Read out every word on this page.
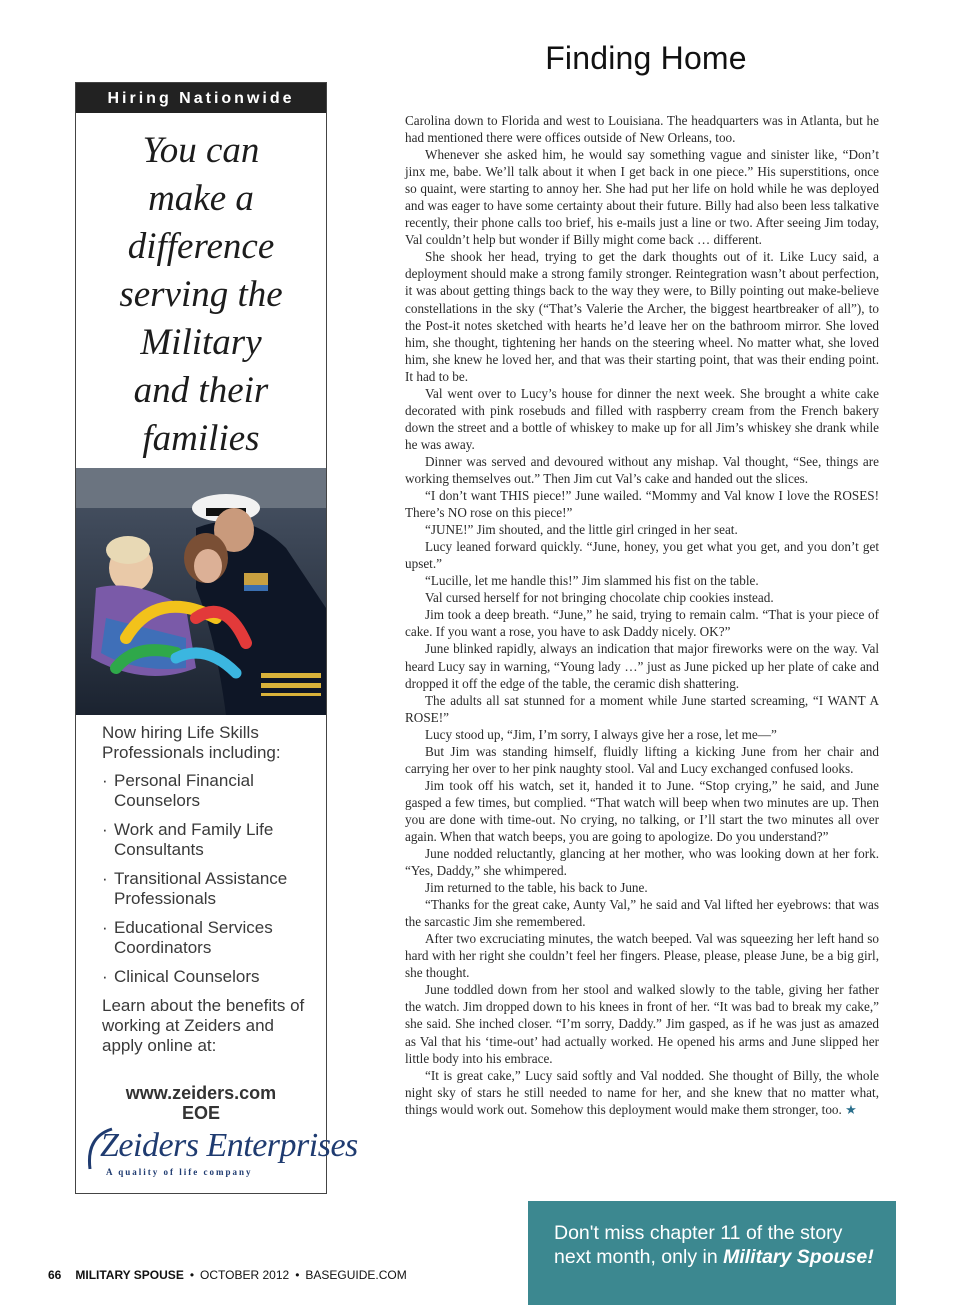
Finding Home
Hiring Nationwide
You can
make a
difference
serving the
Military
and their
families
Now hiring Life Skills Professionals including:
· Personal Financial Counselors
· Work and Family Life Consultants
· Transitional Assistance Professionals
· Educational Services Coordinators
· Clinical Counselors
Learn about the benefits of working at Zeiders and apply online at:
www.zeiders.com
EOE
Zeiders Enterprises
A quality of life company

Carolina down to Florida and west to Louisiana. The headquarters was in Atlanta, but he had mentioned there were offices outside of New Orleans, too.

Whenever she asked him, he would say something vague and sinister like, “Don’t jinx me, babe. We’ll talk about it when I get back in one piece.” His superstitions, once so quaint, were starting to annoy her. She had put her life on hold while he was deployed and was eager to have some certainty about their future. Billy had also been less talkative recently, their phone calls too brief, his e-mails just a line or two. After seeing Jim today, Val couldn’t help but wonder if Billy might come back … different.

She shook her head, trying to get the dark thoughts out of it. Like Lucy said, a deployment should make a strong family stronger. Reintegration wasn’t about perfection, it was about getting things back to the way they were, to Billy pointing out make-believe constellations in the sky (“That’s Valerie the Archer, the biggest heartbreaker of all”), to the Post-it notes sketched with hearts he’d leave her on the bathroom mirror. She loved him, she thought, tightening her hands on the steering wheel. No matter what, she loved him, she knew he loved her, and that was their starting point, that was their ending point. It had to be.

Val went over to Lucy’s house for dinner the next week. She brought a white cake decorated with pink rosebuds and filled with raspberry cream from the French bakery down the street and a bottle of whiskey to make up for all Jim’s whiskey she drank while he was away.

Dinner was served and devoured without any mishap. Val thought, “See, things are working themselves out.” Then Jim cut Val’s cake and handed out the slices.

“I don’t want THIS piece!” June wailed. “Mommy and Val know I love the ROSES! There’s NO rose on this piece!”

“JUNE!” Jim shouted, and the little girl cringed in her seat.

Lucy leaned forward quickly. “June, honey, you get what you get, and you don’t get upset.”

“Lucille, let me handle this!” Jim slammed his fist on the table.

Val cursed herself for not bringing chocolate chip cookies instead.

Jim took a deep breath. “June,” he said, trying to remain calm. “That is your piece of cake. If you want a rose, you have to ask Daddy nicely. OK?”

June blinked rapidly, always an indication that major fireworks were on the way. Val heard Lucy say in warning, “Young lady …” just as June picked up her plate of cake and dropped it off the edge of the table, the ceramic dish shattering.

The adults all sat stunned for a moment while June started screaming, “I WANT A ROSE!”

Lucy stood up, “Jim, I’m sorry, I always give her a rose, let me—”

But Jim was standing himself, fluidly lifting a kicking June from her chair and carrying her over to her pink naughty stool. Val and Lucy exchanged confused looks.

Jim took off his watch, set it, handed it to June. “Stop crying,” he said, and June gasped a few times, but complied. “That watch will beep when two minutes are up. Then you are done with time-out. No crying, no talking, or I’ll start the two minutes all over again. When that watch beeps, you are going to apologize. Do you understand?”

June nodded reluctantly, glancing at her mother, who was looking down at her fork. “Yes, Daddy,” she whimpered.

Jim returned to the table, his back to June.

“Thanks for the great cake, Aunty Val,” he said and Val lifted her eyebrows: that was the sarcastic Jim she remembered.

After two excruciating minutes, the watch beeped. Val was squeezing her left hand so hard with her right she couldn’t feel her fingers. Please, please, please June, be a big girl, she thought.

June toddled down from her stool and walked slowly to the table, giving her father the watch. Jim dropped down to his knees in front of her. “It was bad to break my cake,” she said. She inched closer. “I’m sorry, Daddy.” Jim gasped, as if he was just as amazed as Val that his ‘time-out’ had actually worked. He opened his arms and June slipped her little body into his embrace.

“It is great cake,” Lucy said softly and Val nodded. She thought of Billy, the whole night sky of stars he still needed to name for her, and she knew that no matter what, things would work out. Somehow this deployment would make them stronger, too. ★

66 MILITARY SPOUSE • OCTOBER 2012 • BASEGUIDE.COM
Don't miss chapter 11 of the story
next month, only in Military Spouse!
